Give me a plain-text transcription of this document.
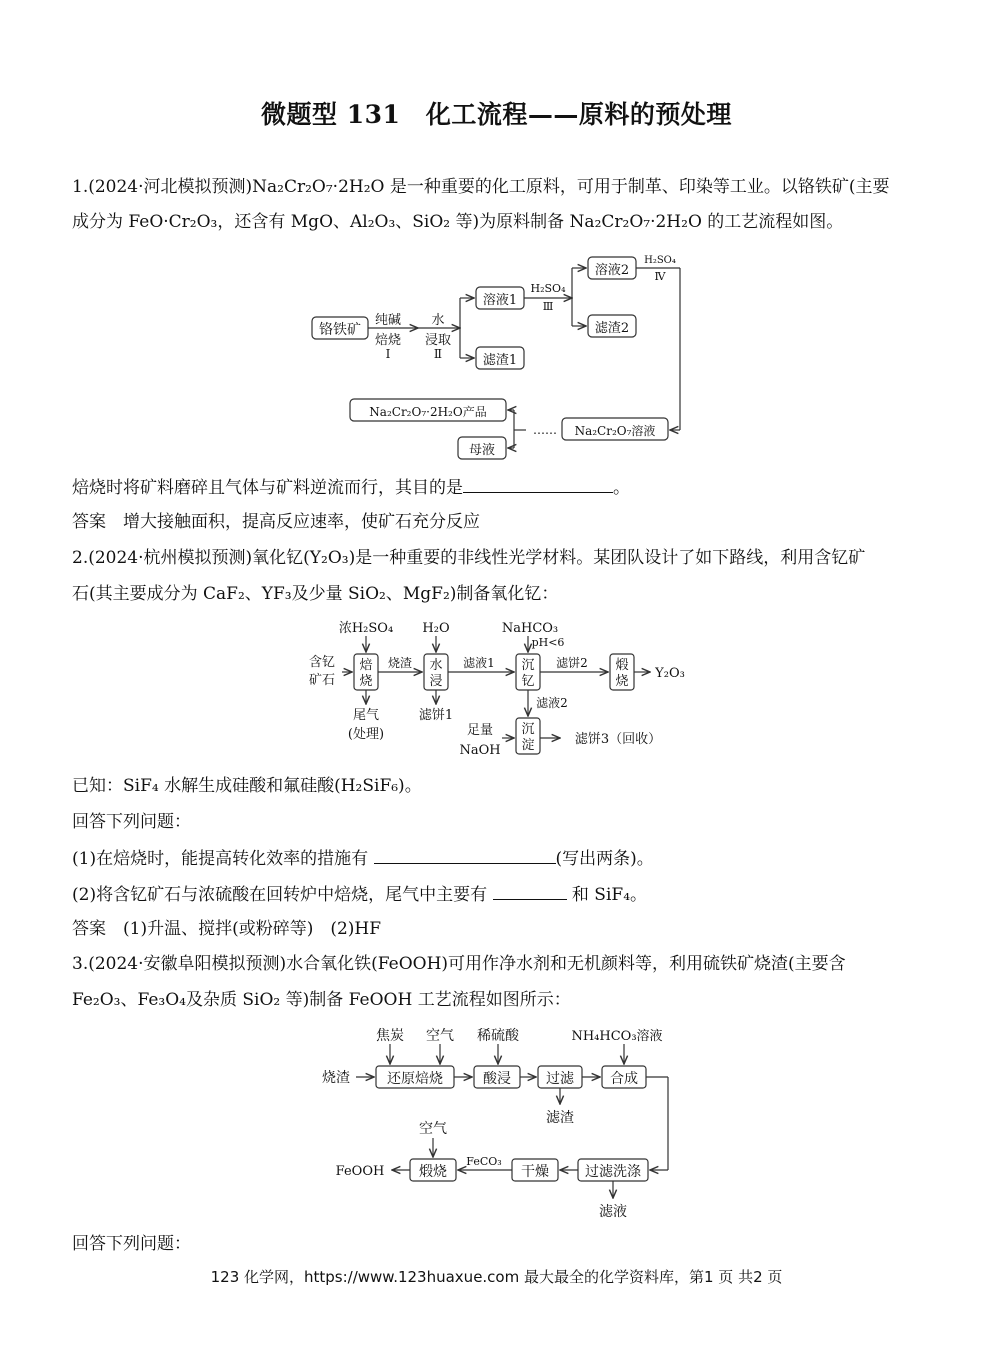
微题型 131　化工流程——原料的预处理
1.(2024·河北模拟预测)Na₂Cr₂O₇·2H₂O 是一种重要的化工原料，可用于制革、印染等工业。以铬铁矿(主要
成分为 FeO·Cr₂O₃，还含有 MgO、Al₂O₃、SiO₂ 等)为原料制备 Na₂Cr₂O₇·2H₂O 的工艺流程如图。
铬铁矿
纯碱
焙烧
Ⅰ
水
浸取
Ⅱ
溶液1
滤渣1
H₂SO₄
Ⅲ
溶液2
滤渣2
H₂SO₄
Ⅳ
Na₂Cr₂O₇溶液
……
Na₂Cr₂O₇·2H₂O产品
母液
焙烧时将矿料磨碎且气体与矿料逆流而行，其目的是	。
答案　增大接触面积，提高反应速率，使矿石充分反应
2.(2024·杭州模拟预测)氧化钇(Y₂O₃)是一种重要的非线性光学材料。某团队设计了如下路线，利用含钇矿
石(其主要成分为 CaF₂、YF₃及少量 SiO₂、MgF₂)制备氧化钇：
浓H₂SO₄ H₂O	NaHCO₃
pH<6
含钇
矿石
焙
烧
烧渣 水
浸
滤液1 沉
钇
滤饼2 煅
烧
Y₂O₃
尾气
(处理)
滤饼1
滤液2
足量
NaOH
沉
淀	滤饼3（回收）
已知：SiF₄ 水解生成硅酸和氟硅酸(H₂SiF₆)。
回答下列问题：
(1)在焙烧时，能提高转化效率的措施有	(写出两条)。
(2)将含钇矿石与浓硫酸在回转炉中焙烧，尾气中主要有	和 SiF₄。
答案　(1)升温、搅拌(或粉碎等)　(2)HF
3.(2024·安徽阜阳模拟预测)水合氧化铁(FeOOH)可用作净水剂和无机颜料等，利用硫铁矿烧渣(主要含
Fe₂O₃、Fe₃O₄及杂质 SiO₂ 等)制备 FeOOH 工艺流程如图所示：
焦炭 空气 稀硫酸	NH₄HCO₃溶液
烧渣	还原焙烧	酸浸	过滤	合成
滤渣
过滤洗涤
滤液
干燥
FeCO₃
煅烧
空气
FeOOH
回答下列问题：
123 化学网，https://www.123huaxue.com 最大最全的化学资料库，第1 页 共2 页
